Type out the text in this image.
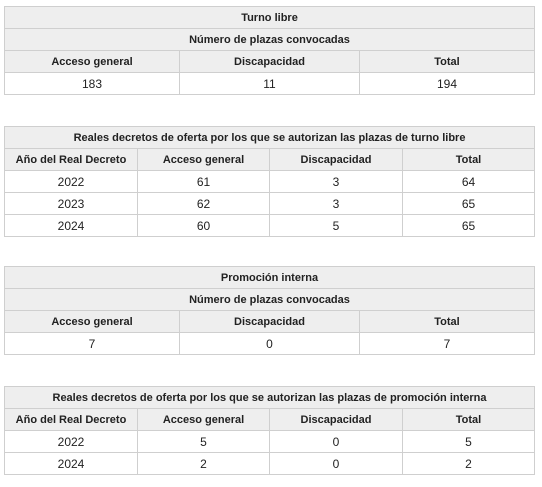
Turno libre		
Número de plazas convocadas		
Acceso general	Discapacidad	Total
183	11	194
Reales decretos de oferta por los que se autorizan las plazas de turno libre			
Año del Real Decreto	Acceso general	Discapacidad	Total
2022	61	3	64
2023	62	3	65
2024	60	5	65
Promoción interna		
Número de plazas convocadas		
Acceso general	Discapacidad	Total
7	0	7
Reales decretos de oferta por los que se autorizan las plazas de promoción interna			
Año del Real Decreto	Acceso general	Discapacidad	Total
2022	5	0	5
2024	2	0	2
